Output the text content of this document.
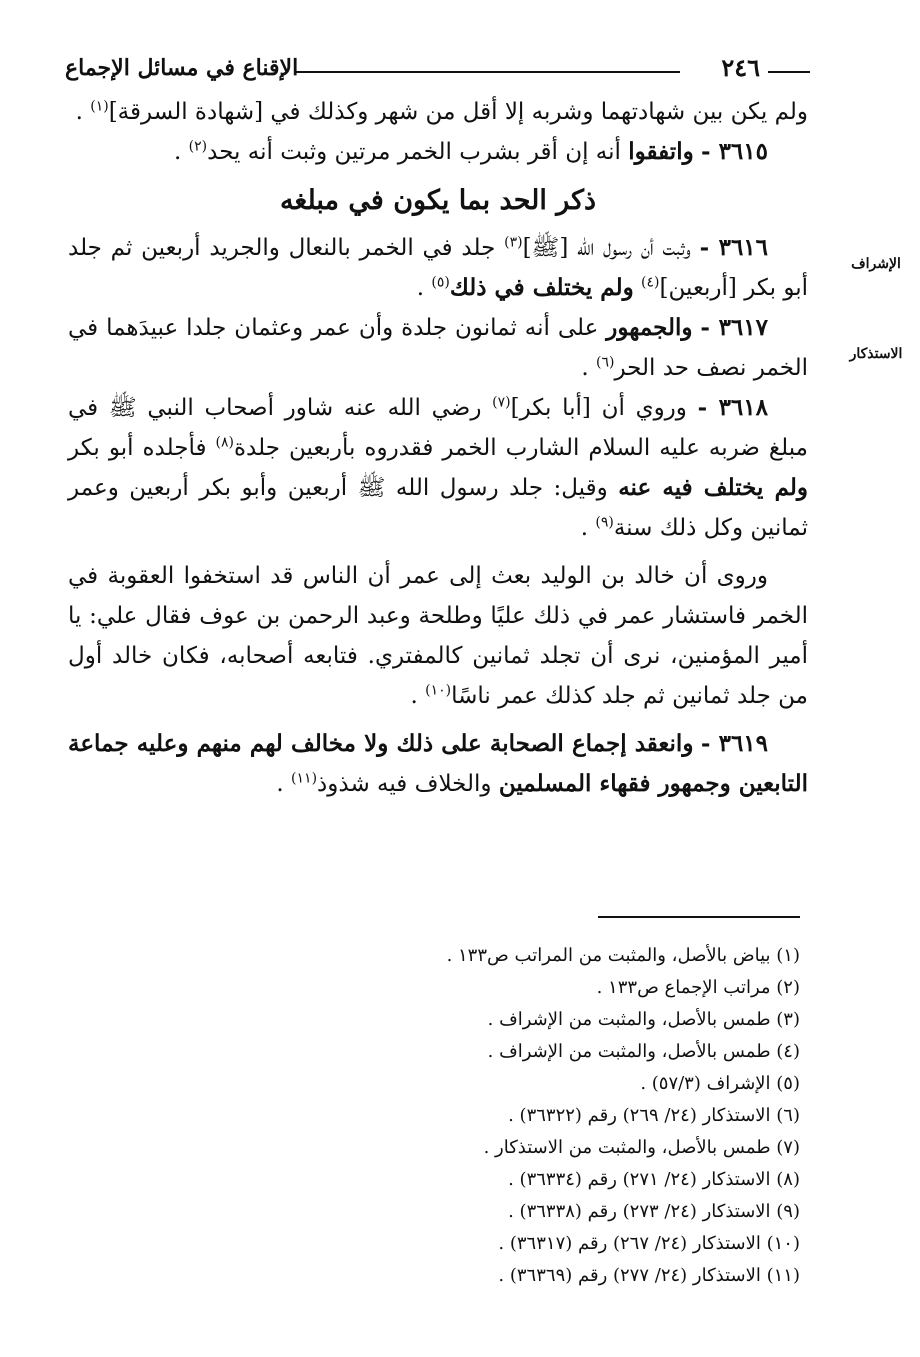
٢٤٦
الإقناع في مسائل الإجماع
الإشراف
الاستذكار

ولم يكن بين شهادتهما وشربه إلا أقل من شهر وكذلك في [شهادة السرقة]$^{(١)}$ .

٣٦١٥ - واتفقوا أنه إن أقر بشرب الخمر مرتين وثبت أنه يحد$^{(٢)}$ .

ذكر الحد بما يكون في مبلغه

٣٦١٦ - وثبت أن رسول الله [ﷺ]$^{(٣)}$ جلد في الخمر بالنعال والجريد أربعين ثم جلد أبو بكر [أربعين]$^{(٤)}$ ولم يختلف في ذلك$^{(٥)}$ .

٣٦١٧ - والجمهور على أنه ثمانون جلدة وأن عمر وعثمان جلدا عبيدَهما في الخمر نصف حد الحر$^{(٦)}$ .

٣٦١٨ - وروي أن [أبا بكر]$^{(٧)}$ رضي الله عنه شاور أصحاب النبي ﷺ في مبلغ ضربه عليه السلام الشارب الخمر فقدروه بأربعين جلدة$^{(٨)}$ فأجلده أبو بكر ولم يختلف فيه عنه وقيل: جلد رسول الله ﷺ أربعين وأبو بكر أربعين وعمر ثمانين وكل ذلك سنة$^{(٩)}$ .

وروى أن خالد بن الوليد بعث إلى عمر أن الناس قد استخفوا العقوبة في الخمر فاستشار عمر في ذلك عليًا وطلحة وعبد الرحمن بن عوف فقال علي: يا أمير المؤمنين، نرى أن تجلد ثمانين كالمفتري. فتابعه أصحابه، فكان خالد أول من جلد ثمانين ثم جلد كذلك عمر ناسًا$^{(١٠)}$ .

٣٦١٩ - وانعقد إجماع الصحابة على ذلك ولا مخالف لهم منهم وعليه جماعة التابعين وجمهور فقهاء المسلمين والخلاف فيه شذوذ$^{(١١)}$ .

(١) بياض بالأصل، والمثبت من المراتب ص١٣٣ .
(٢) مراتب الإجماع ص١٣٣ .
(٣) طمس بالأصل، والمثبت من الإشراف .
(٤) طمس بالأصل، والمثبت من الإشراف .
(٥) الإشراف (٥٧/٣) .
(٦) الاستذكار (٢٤/ ٢٦٩) رقم (٣٦٣٢٢) .
(٧) طمس بالأصل، والمثبت من الاستذكار .
(٨) الاستذكار (٢٤/ ٢٧١) رقم (٣٦٣٣٤) .
(٩) الاستذكار (٢٤/ ٢٧٣) رقم (٣٦٣٣٨) .
(١٠) الاستذكار (٢٤/ ٢٦٧) رقم (٣٦٣١٧) .
(١١) الاستذكار (٢٤/ ٢٧٧) رقم (٣٦٣٦٩) .
